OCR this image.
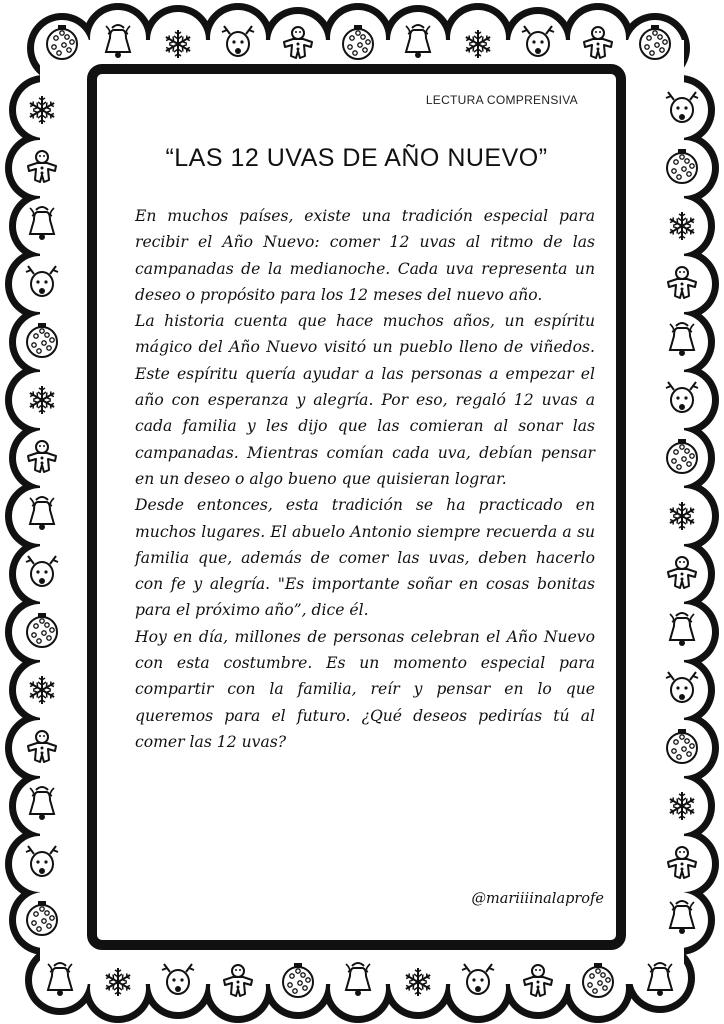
LECTURA COMPRENSIVA
“LAS 12 UVAS DE AÑO NUEVO”

En muchos países, existe una tradición especial para recibir el Año Nuevo: comer 12 uvas al ritmo de las campanadas de la medianoche. Cada uva representa un deseo o propósito para los 12 meses del nuevo año.

La historia cuenta que hace muchos años, un espíritu mágico del Año Nuevo visitó un pueblo lleno de viñedos. Este espíritu quería ayudar a las personas a empezar el año con esperanza y alegría. Por eso, regaló 12 uvas a cada familia y les dijo que las comieran al sonar las campanadas. Mientras comían cada uva, debían pensar en un deseo o algo bueno que quisieran lograr.

Desde entonces, esta tradición se ha practicado en muchos lugares. El abuelo Antonio siempre recuerda a su familia que, además de comer las uvas, deben hacerlo con fe y alegría. "Es importante soñar en cosas bonitas para el próximo año”, dice él.

Hoy en día, millones de personas celebran el Año Nuevo con esta costumbre. Es un momento especial para compartir con la familia, reír y pensar en lo que queremos para el futuro. ¿Qué deseos pedirías tú al comer las 12 uvas?

@mariiiinalaprofe
